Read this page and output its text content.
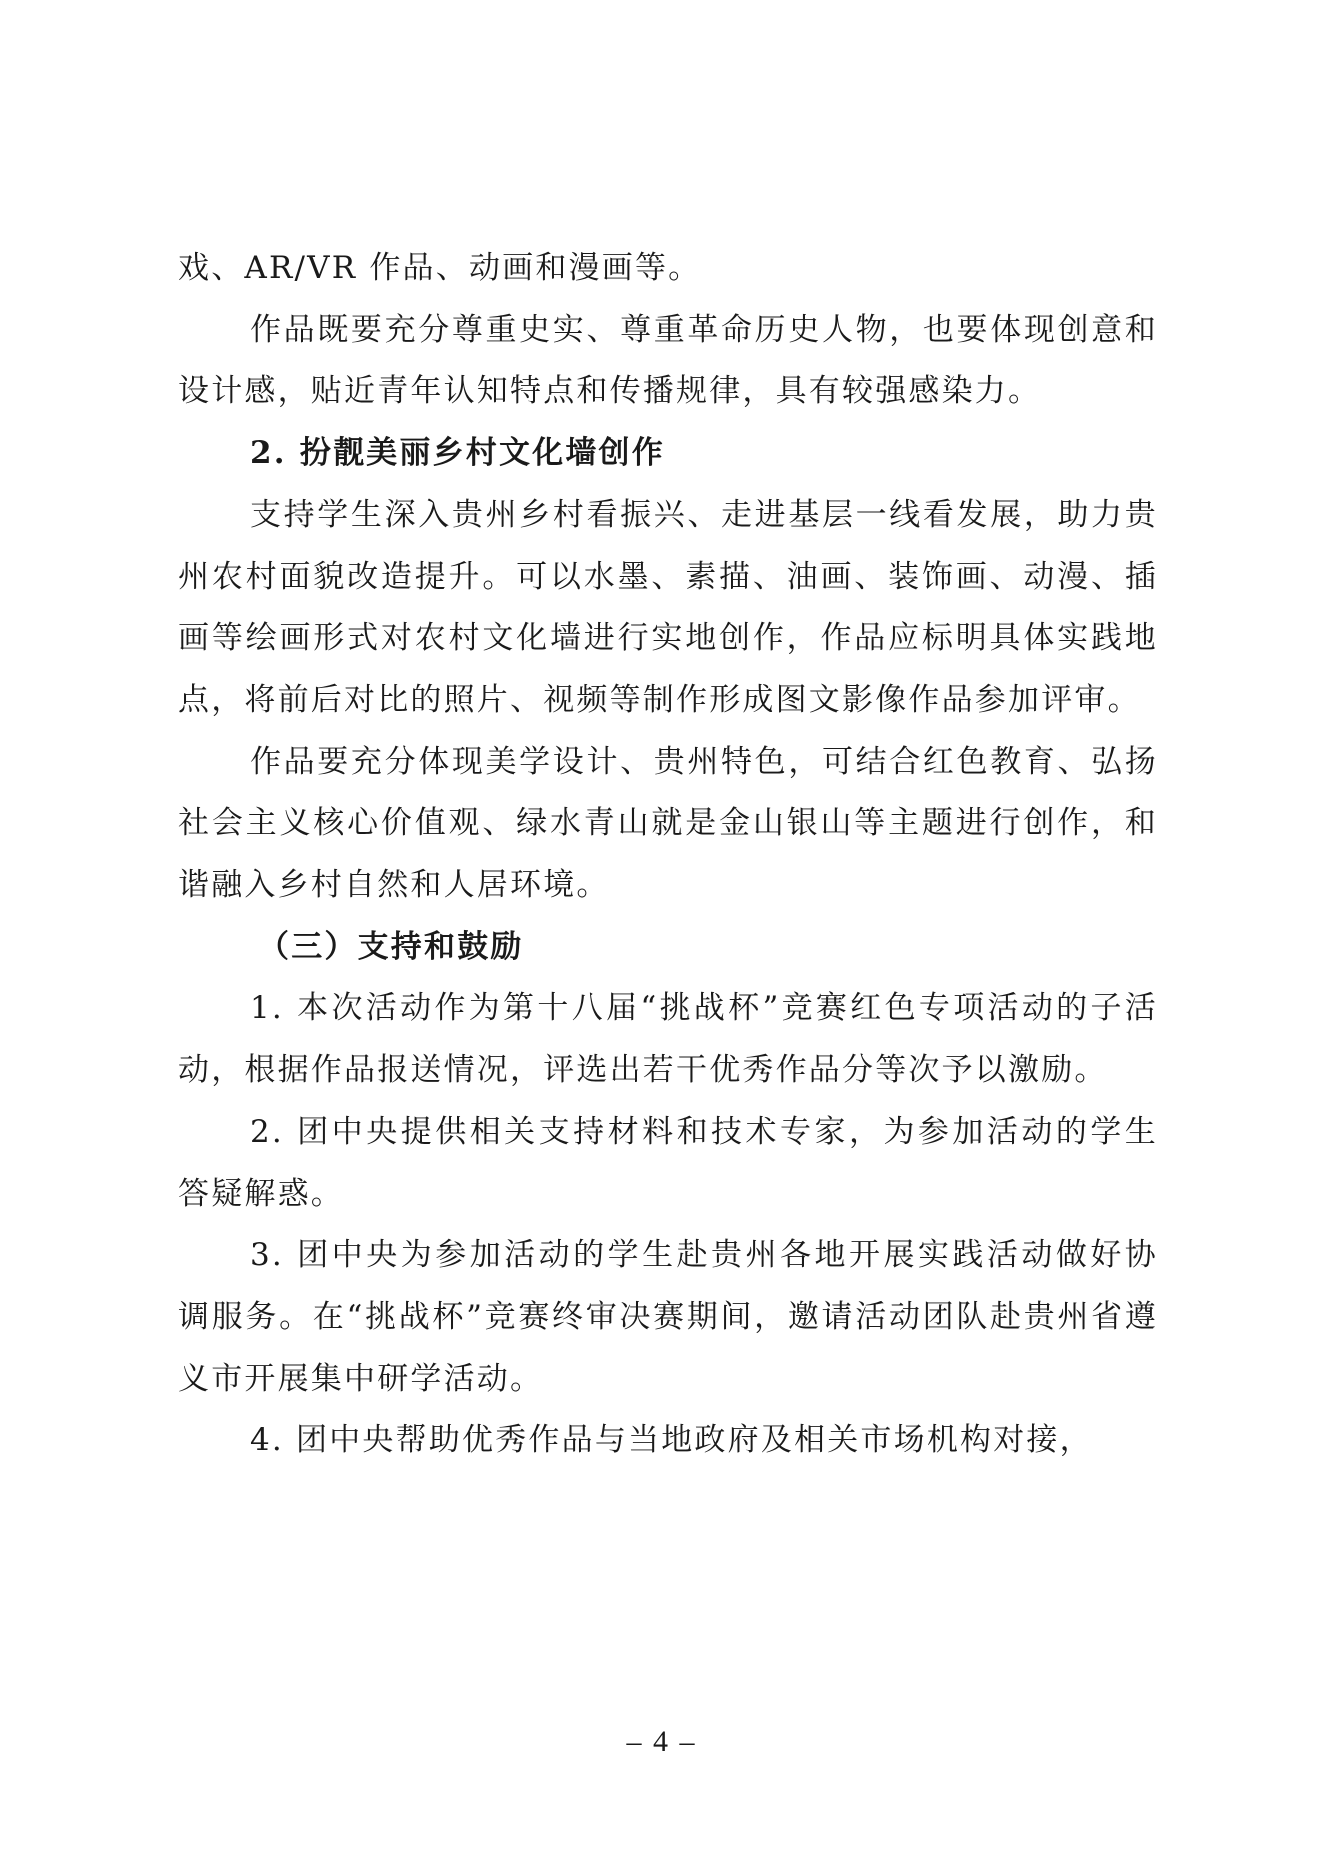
戏、AR/VR 作品、动画和漫画等。

作品既要充分尊重史实、尊重革命历史人物，也要体现创意和设计感，贴近青年认知特点和传播规律，具有较强感染力。

2. 扮靓美丽乡村文化墙创作

支持学生深入贵州乡村看振兴、走进基层一线看发展，助力贵州农村面貌改造提升。可以水墨、素描、油画、装饰画、动漫、插画等绘画形式对农村文化墙进行实地创作，作品应标明具体实践地点，将前后对比的照片、视频等制作形成图文影像作品参加评审。

作品要充分体现美学设计、贵州特色，可结合红色教育、弘扬社会主义核心价值观、绿水青山就是金山银山等主题进行创作，和谐融入乡村自然和人居环境。

（三）支持和鼓励

1. 本次活动作为第十八届“挑战杯”竞赛红色专项活动的子活动，根据作品报送情况，评选出若干优秀作品分等次予以激励。

2. 团中央提供相关支持材料和技术专家，为参加活动的学生答疑解惑。

3. 团中央为参加活动的学生赴贵州各地开展实践活动做好协调服务。在“挑战杯”竞赛终审决赛期间，邀请活动团队赴贵州省遵义市开展集中研学活动。

4. 团中央帮助优秀作品与当地政府及相关市场机构对接，

– 4 –
